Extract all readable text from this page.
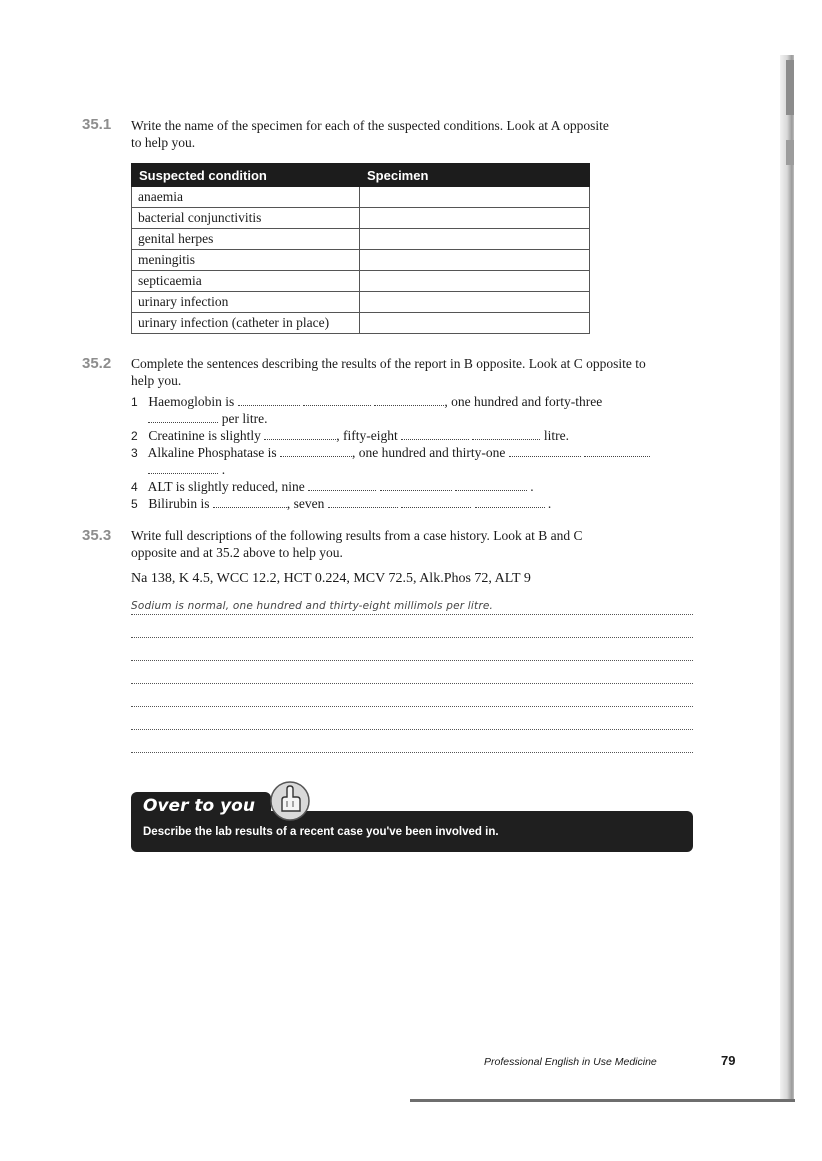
35.1 Write the name of the specimen for each of the suspected conditions. Look at A opposite
to help you.
Suspected condition	Specimen
anaemia	
bacterial conjunctivitis	
genital herpes	
meningitis	
septicaemia	
urinary infection	
urinary infection (catheter in place)	
35.2 Complete the sentences describing the results of the report in B opposite. Look at C opposite to
help you.
1 Haemoglobin is	, one hundred and forty-three
per litre.
2 Creatinine is slightly	, fifty-eight	litre.
3 Alkaline Phosphatase is	, one hundred and thirty-one
.
4 ALT is slightly reduced, nine	.
5 Bilirubin is	, seven	.
35.3 Write full descriptions of the following results from a case history. Look at B and C
opposite and at 35.2 above to help you.
Na 138, K 4.5, WCC 12.2, HCT 0.224, MCV 72.5, Alk.Phos 72, ALT 9
Sodium is normal, one hundred and thirty-eight millimols per litre.
Over to you
Describe the lab results of a recent case you've been involved in.
Professional English in Use Medicine	79
